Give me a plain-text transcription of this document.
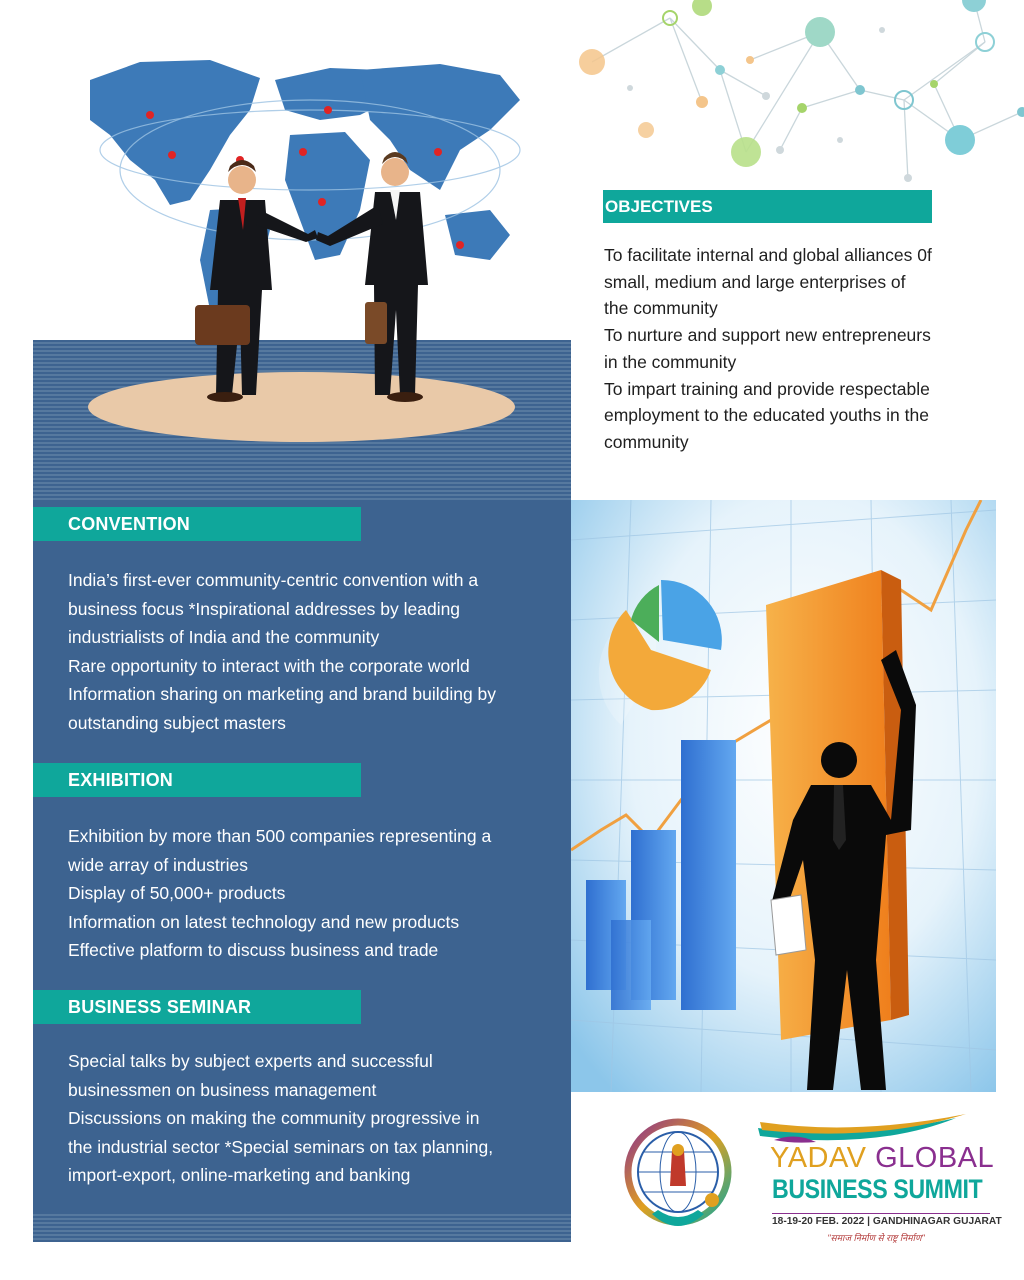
OBJECTIVES
To facilitate internal and global alliances 0f
small, medium and large enterprises of
the community
To nurture and support new entrepreneurs
in the community
To impart training and provide respectable
employment to the educated youths in the
community
CONVENTION
India’s first-ever community-centric convention with a
business focus *Inspirational addresses by leading
industrialists of India and the community
Rare opportunity to interact with the corporate world
Information sharing on marketing and brand building by
outstanding subject masters
EXHIBITION
Exhibition by more than 500 companies representing a
wide array of industries
Display of 50,000+ products
Information on latest technology and new products
Effective platform to discuss business and trade
BUSINESS SEMINAR
Special talks by subject experts and successful
businessmen on business management
Discussions on making the community progressive in
the industrial sector *Special seminars on tax planning,
import-export, online-marketing and banking
YADAV GLOBAL
BUSINESS SUMMIT
18-19-20 FEB. 2022 | GANDHINAGAR GUJARAT
"समाज निर्माण से राष्ट्र निर्माण"
